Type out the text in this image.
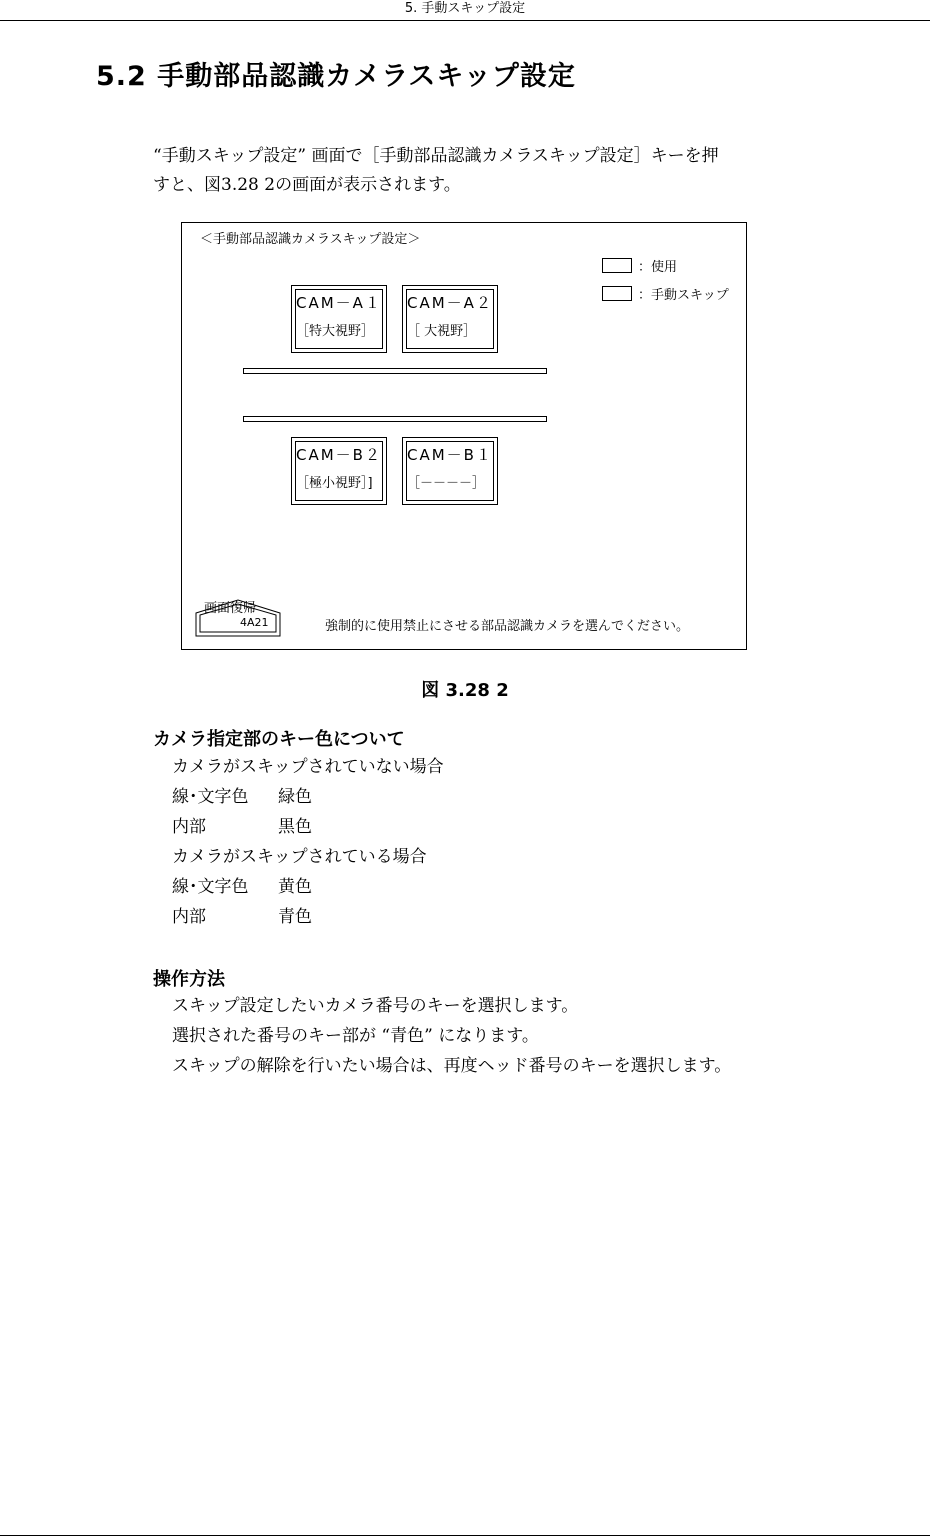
5. 手動スキップ設定
5.2 手動部品認識カメラスキップ設定
“手動スキップ設定” 画面で［手動部品認識カメラスキップ設定］キーを押
すと、図3.28 2の画面が表示されます。
＜手動部品認識カメラスキップ設定＞
：使用
：手動スキップ
CAM－A１
［特大視野］
CAM－A２
［ 大視野］
CAM－B２
［極小視野］]
CAM－B１
［－－－－］
画面復帰
4A21	強制的に使用禁止にさせる部品認識カメラを選んでください。
図 3.28 2
カメラ指定部のキー色について
カメラがスキップされていない場合
線･文字色 緑色
内部	黒色
カメラがスキップされている場合
線･文字色 黄色
内部	青色
操作方法
スキップ設定したいカメラ番号のキーを選択します。
選択された番号のキー部が “青色” になります。
スキップの解除を行いたい場合は、再度ヘッド番号のキーを選択します。
